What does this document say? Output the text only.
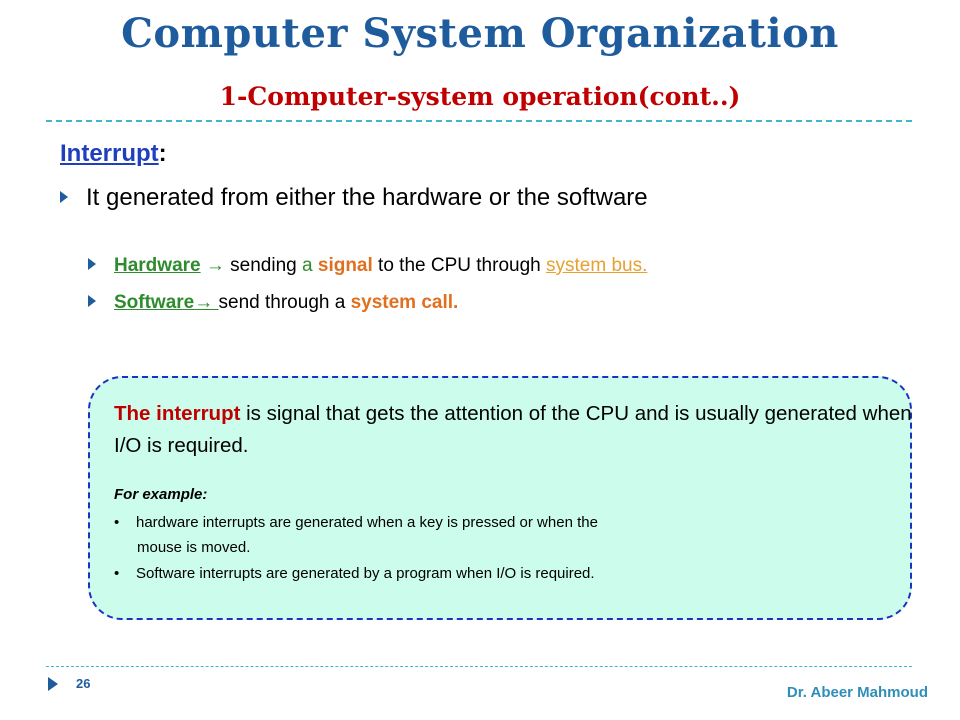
Computer System Organization
1-Computer-system operation(cont..)
Interrupt:
It generated from either the hardware or the software
Hardware → sending a signal to the CPU through system bus.
Software→ send through a system call.
The interrupt is signal that gets the attention of the CPU and is usually generated when I/O is required.
For example:
• hardware interrupts are generated when a key is pressed or when the
mouse is moved.
• Software interrupts are generated by a program when I/O is required.
26
Dr. Abeer Mahmoud
